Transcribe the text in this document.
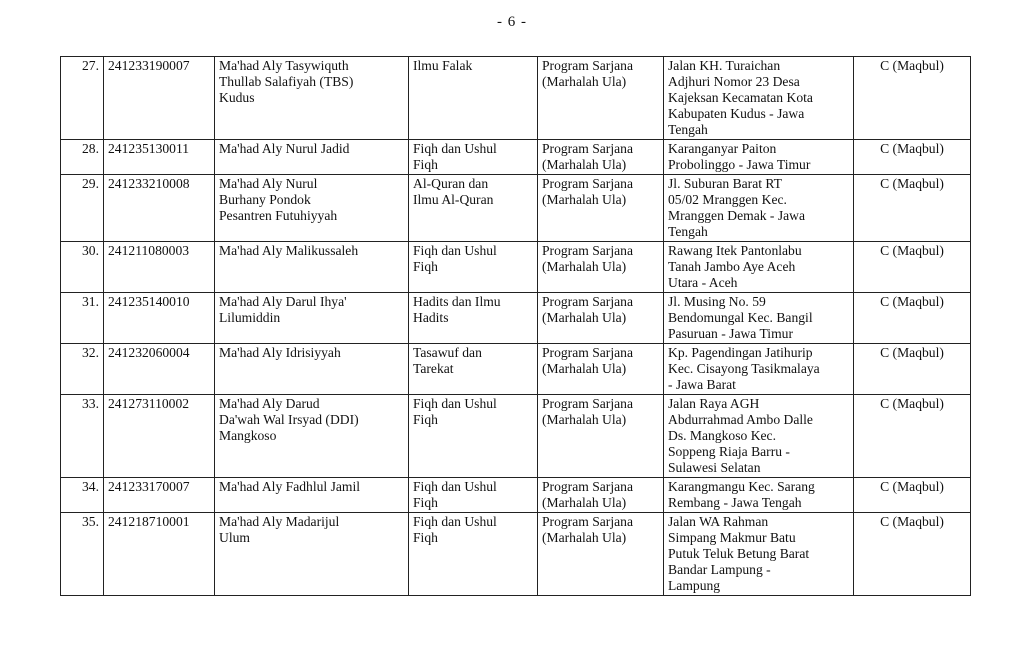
- 6 -
27.	241233190007	Ma'had Aly Tasywiquth
Thullab Salafiyah (TBS)
Kudus	Ilmu Falak	Program Sarjana
(Marhalah Ula)	Jalan KH. Turaichan
Adjhuri Nomor 23 Desa
Kajeksan Kecamatan Kota
Kabupaten Kudus - Jawa
Tengah	C (Maqbul)
28.	241235130011	Ma'had Aly Nurul Jadid	Fiqh dan Ushul
Fiqh	Program Sarjana
(Marhalah Ula)	Karanganyar Paiton
Probolinggo - Jawa Timur	C (Maqbul)
29.	241233210008	Ma'had Aly Nurul
Burhany Pondok
Pesantren Futuhiyyah	Al-Quran dan
Ilmu Al-Quran	Program Sarjana
(Marhalah Ula)	Jl. Suburan Barat RT
05/02 Mranggen Kec.
Mranggen Demak - Jawa
Tengah	C (Maqbul)
30.	241211080003	Ma'had Aly Malikussaleh	Fiqh dan Ushul
Fiqh	Program Sarjana
(Marhalah Ula)	Rawang Itek Pantonlabu
Tanah Jambo Aye Aceh
Utara - Aceh	C (Maqbul)
31.	241235140010	Ma'had Aly Darul Ihya'
Lilumiddin	Hadits dan Ilmu
Hadits	Program Sarjana
(Marhalah Ula)	Jl. Musing No. 59
Bendomungal Kec. Bangil
Pasuruan - Jawa Timur	C (Maqbul)
32.	241232060004	Ma'had Aly Idrisiyyah	Tasawuf dan
Tarekat	Program Sarjana
(Marhalah Ula)	Kp. Pagendingan Jatihurip
Kec. Cisayong Tasikmalaya
- Jawa Barat	C (Maqbul)
33.	241273110002	Ma'had Aly Darud
Da'wah Wal Irsyad (DDI)
Mangkoso	Fiqh dan Ushul
Fiqh	Program Sarjana
(Marhalah Ula)	Jalan Raya AGH
Abdurrahmad Ambo Dalle
Ds. Mangkoso Kec.
Soppeng Riaja Barru -
Sulawesi Selatan	C (Maqbul)
34.	241233170007	Ma'had Aly Fadhlul Jamil	Fiqh dan Ushul
Fiqh	Program Sarjana
(Marhalah Ula)	Karangmangu Kec. Sarang
Rembang - Jawa Tengah	C (Maqbul)
35.	241218710001	Ma'had Aly Madarijul
Ulum	Fiqh dan Ushul
Fiqh	Program Sarjana
(Marhalah Ula)	Jalan WA Rahman
Simpang Makmur Batu
Putuk Teluk Betung Barat
Bandar Lampung -
Lampung	C (Maqbul)
